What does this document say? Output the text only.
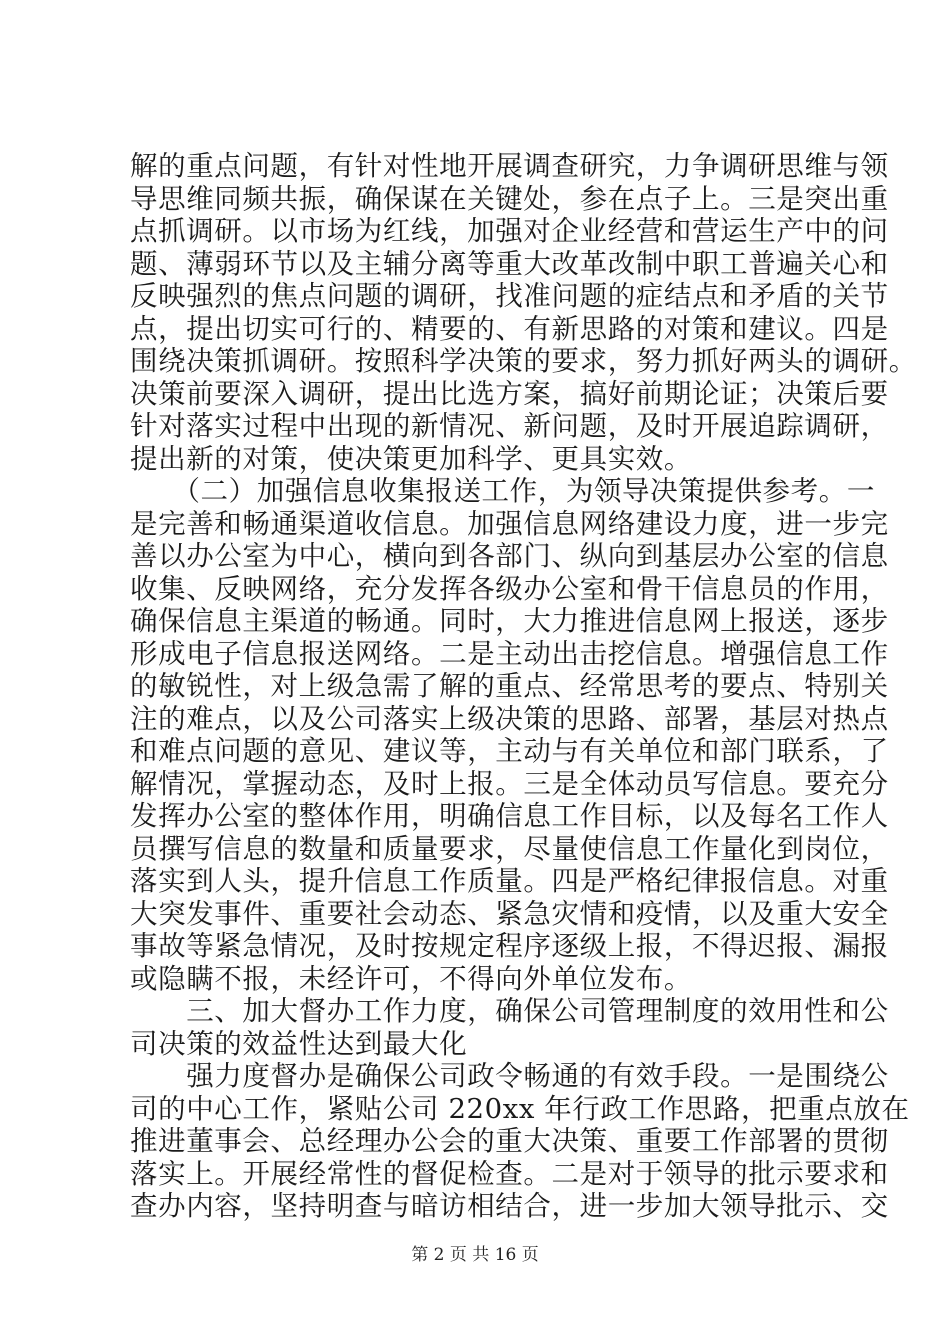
解的重点问题，有针对性地开展调查研究，力争调研思维与领
导思维同频共振，确保谋在关键处，参在点子上。三是突出重
点抓调研。以市场为红线，加强对企业经营和营运生产中的问
题、薄弱环节以及主辅分离等重大改革改制中职工普遍关心和
反映强烈的焦点问题的调研，找准问题的症结点和矛盾的关节
点，提出切实可行的、精要的、有新思路的对策和建议。四是
围绕决策抓调研。按照科学决策的要求，努力抓好两头的调研。
决策前要深入调研，提出比选方案，搞好前期论证；决策后要
针对落实过程中出现的新情况、新问题，及时开展追踪调研，
提出新的对策，使决策更加科学、更具实效。
　　（二）加强信息收集报送工作，为领导决策提供参考。一
是完善和畅通渠道收信息。加强信息网络建设力度，进一步完
善以办公室为中心，横向到各部门、纵向到基层办公室的信息
收集、反映网络，充分发挥各级办公室和骨干信息员的作用，
确保信息主渠道的畅通。同时，大力推进信息网上报送，逐步
形成电子信息报送网络。二是主动出击挖信息。增强信息工作
的敏锐性，对上级急需了解的重点、经常思考的要点、特别关
注的难点，以及公司落实上级决策的思路、部署，基层对热点
和难点问题的意见、建议等，主动与有关单位和部门联系，了
解情况，掌握动态，及时上报。三是全体动员写信息。要充分
发挥办公室的整体作用，明确信息工作目标，以及每名工作人
员撰写信息的数量和质量要求，尽量使信息工作量化到岗位，
落实到人头，提升信息工作质量。四是严格纪律报信息。对重
大突发事件、重要社会动态、紧急灾情和疫情，以及重大安全
事故等紧急情况，及时按规定程序逐级上报，不得迟报、漏报
或隐瞒不报，未经许可，不得向外单位发布。
　　三、加大督办工作力度，确保公司管理制度的效用性和公
司决策的效益性达到最大化
　　强力度督办是确保公司政令畅通的有效手段。一是围绕公
司的中心工作，紧贴公司 220xx 年行政工作思路，把重点放在
推进董事会、总经理办公会的重大决策、重要工作部署的贯彻
落实上。开展经常性的督促检查。二是对于领导的批示要求和
查办内容，坚持明查与暗访相结合，进一步加大领导批示、交
第 2 页 共 16 页
